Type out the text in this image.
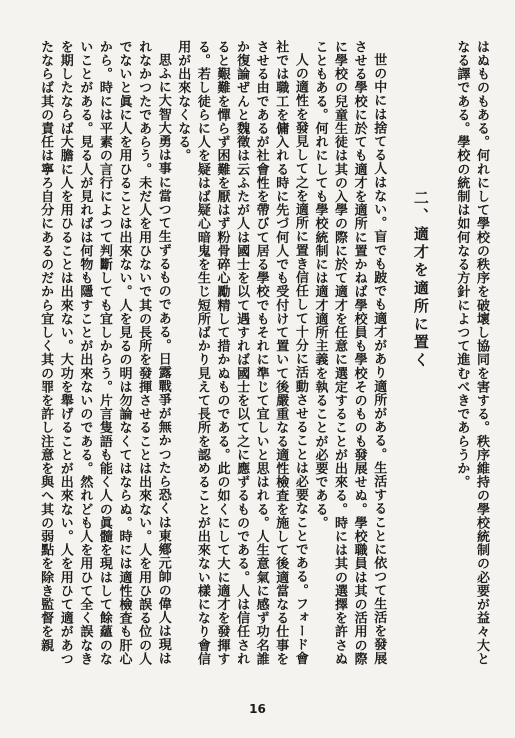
はぬものもある。何れにして學校の秩序を破壞し協同を害する。秩序維持の學校統制の必要が益々大となる譯である。學校の統制は如何なる方針によつて進むべきであらうか。

二、適才を適所に置く

世の中には捨てる人はない。盲でも跛でも適才があり適所がある。生活することに依つて生活を發展させる學校に於ても適才を適所に置かねば學校員も學校そのものも發展せぬ。學校職員は其の活用の際に學校の兒童生徒は其の入學の際に於て適才を任意に選定することが出來る。時には其の選擇を許さぬこともある。何れにしても學校統制には適才適所主義を執ることが必要である。

人の適性を發見して之を適所に置き信任して十分に活動させることは必要なことである。フォード會社では職工を傭入れる時に先づ何人でも受付けて置いて後嚴重なる適性檢査を施して後適當なる仕事をさせる由であるが社會性を帶びて居る學校でもそれに準じて宜しいと思はれる。人生意氣に感ず功名誰か復論ぜんと魏徵は云ふたが人は國士を以て遇すれば國士を以て之に應ずるものである。人は信任されると艱難を憚らず困難を厭はず粉骨碎心勵精して措かぬものである。此の如くにして大に適才を發揮する。若し徒らに人を疑はば疑心暗鬼を生じ短所ばかり見えて長所を認めることが出來ない樣になり會信用が出來なくなる。

思ふに大智大勇は事に當つて生ずるものである。日露戰爭が無かつたら恐くは東鄕元帥の偉人は現はれなかつたであらう。未だ人を用ひないで其の長所を發揮させることは出來ない。人を用ひ誤る位の人でないと眞に人を用ひることは出來ない。人を見るの明は勿論なくてはならぬ。時には適性檢査も肝心から。時には平素の言行によつて判斷しても宜しからう。片言隻語も能く人の眞髓を現はして餘蘊のないことがある。見る人が見ればは何物も隱すことが出來ないのである。然れども人を用ひて全く誤なきを期したならば大膽に人を用ひることは出來ない。大功を舉げることが出來ない。人を用ひて適があつたならば其の責任は寧ろ自分にあるのだから宜しく其の罪を許し注意を與へ其の弱點を除き監督を親

16
